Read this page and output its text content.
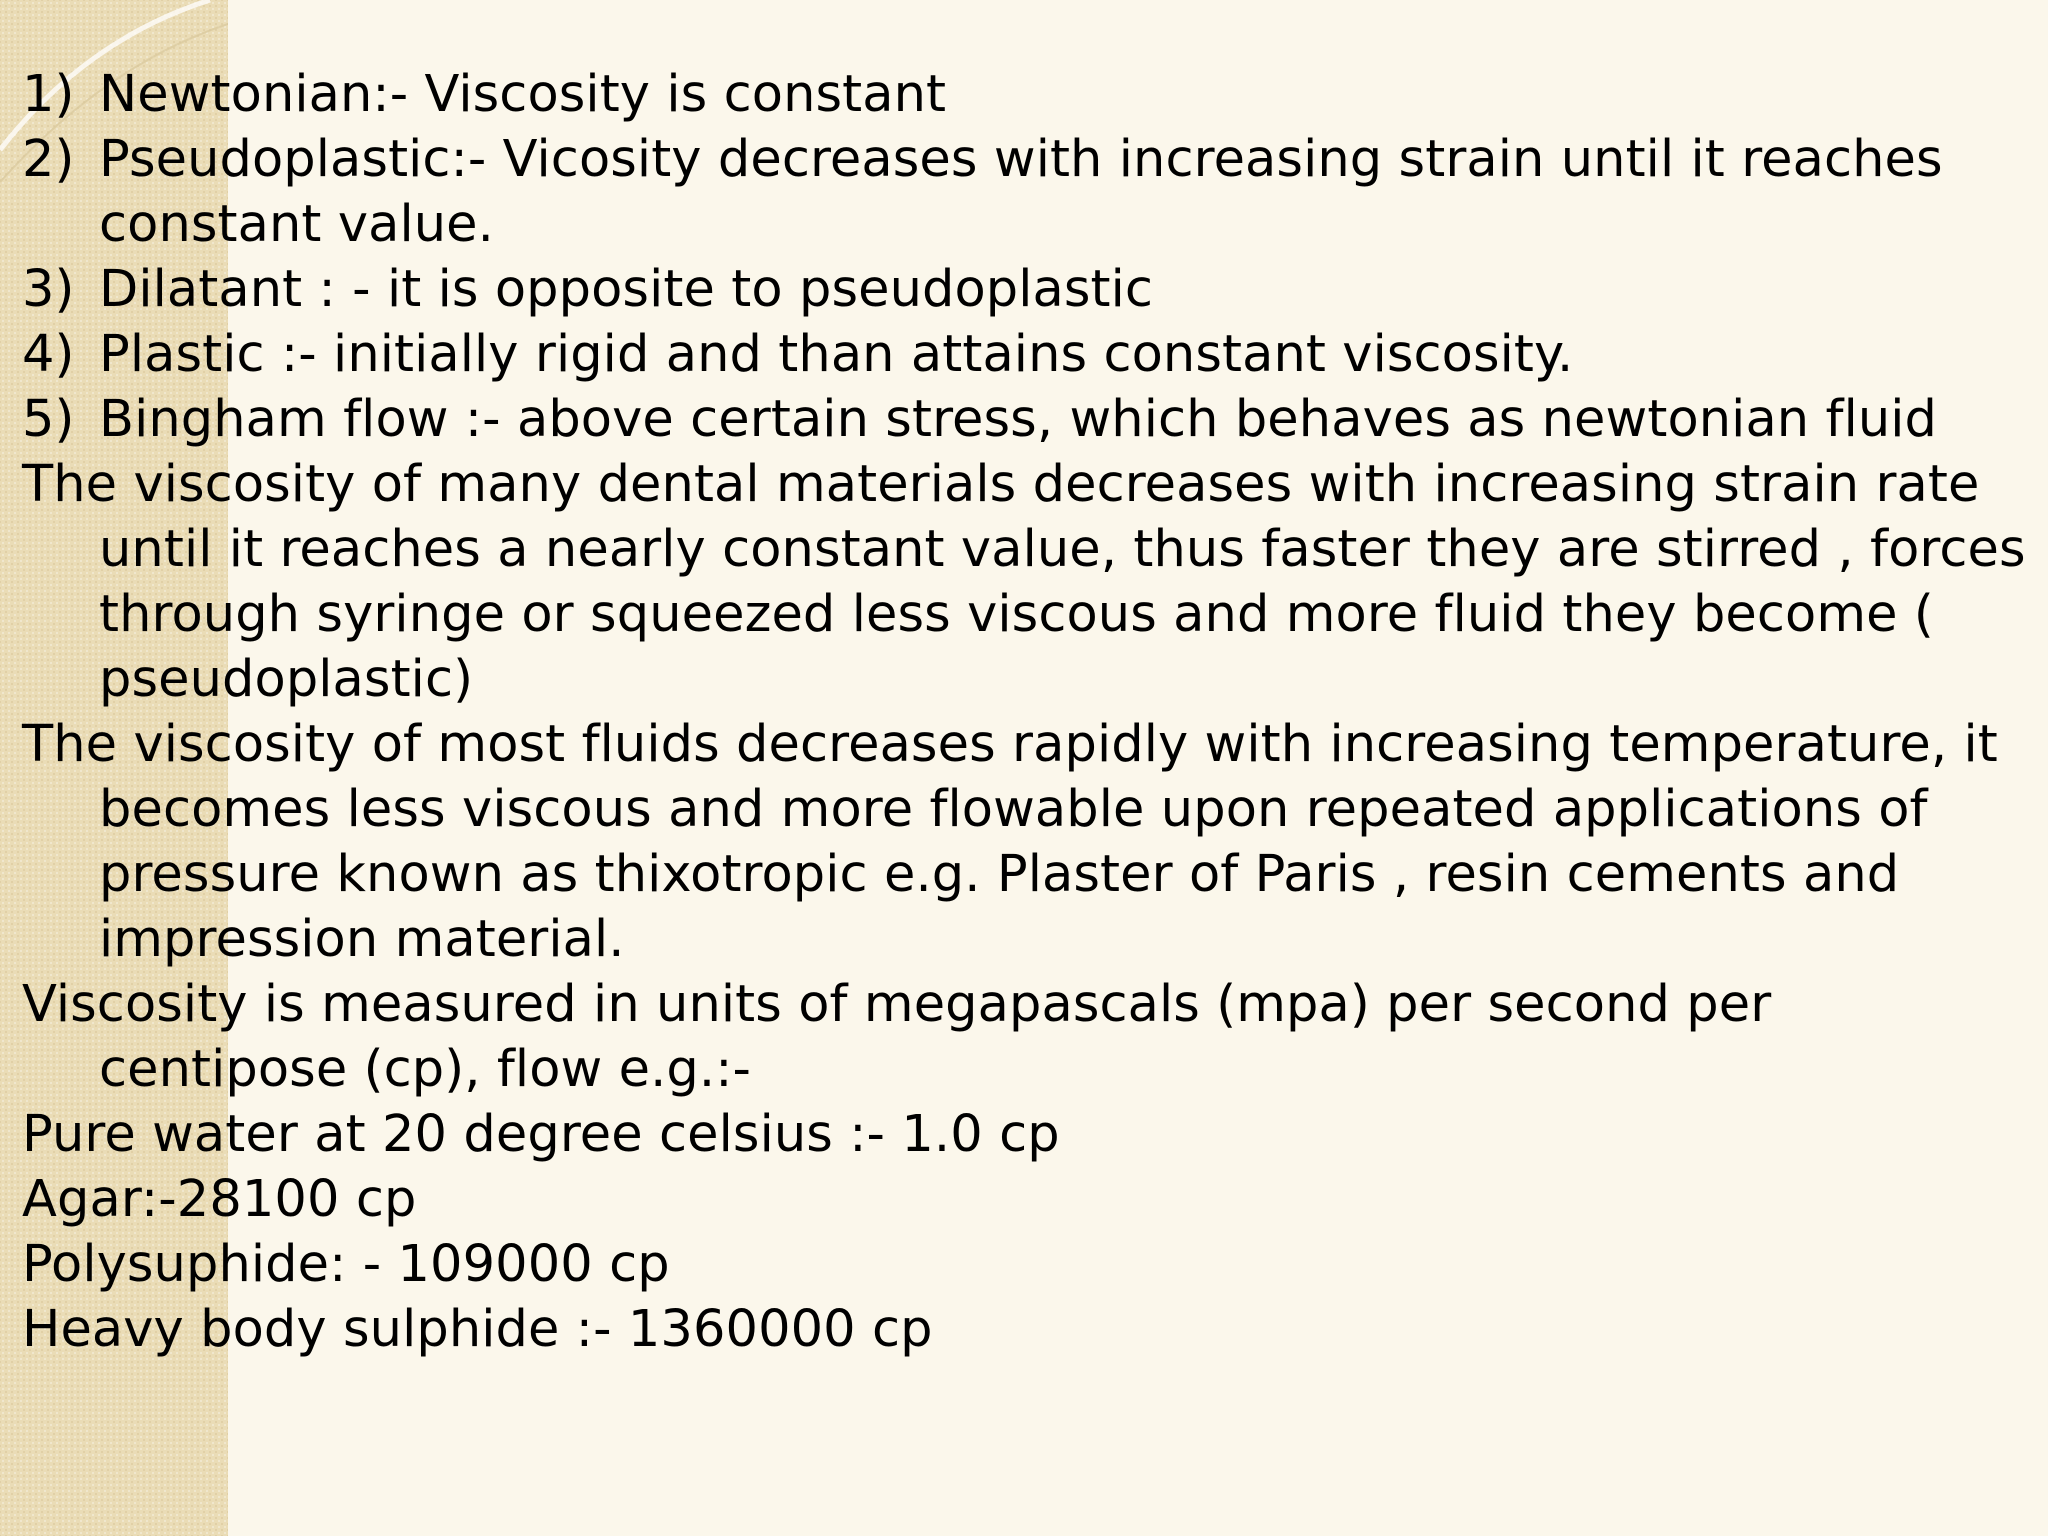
1) Newtonian:- Viscosity is constant
2) Pseudoplastic:- Vicosity decreases with increasing strain until it reaches constant value.
3) Dilatant : - it is opposite to pseudoplastic
4) Plastic :- initially rigid and than attains constant viscosity.
5) Bingham flow :- above certain stress, which behaves as newtonian fluid

The viscosity of many dental materials decreases with increasing strain rate until it reaches a nearly constant value, thus faster they are stirred , forces through syringe or squeezed less viscous and more fluid they become ( pseudoplastic)

The viscosity of most fluids decreases rapidly with increasing temperature, it becomes less viscous and more flowable upon repeated applications of pressure known as thixotropic e.g. Plaster of Paris , resin cements and impression material.

Viscosity is measured in units of megapascals (mpa) per second per centipose (cp), flow e.g.:-

Pure water at 20 degree celsius :- 1.0 cp
Agar:-28100 cp
Polysuphide: - 109000 cp
Heavy body sulphide :- 1360000 cp
